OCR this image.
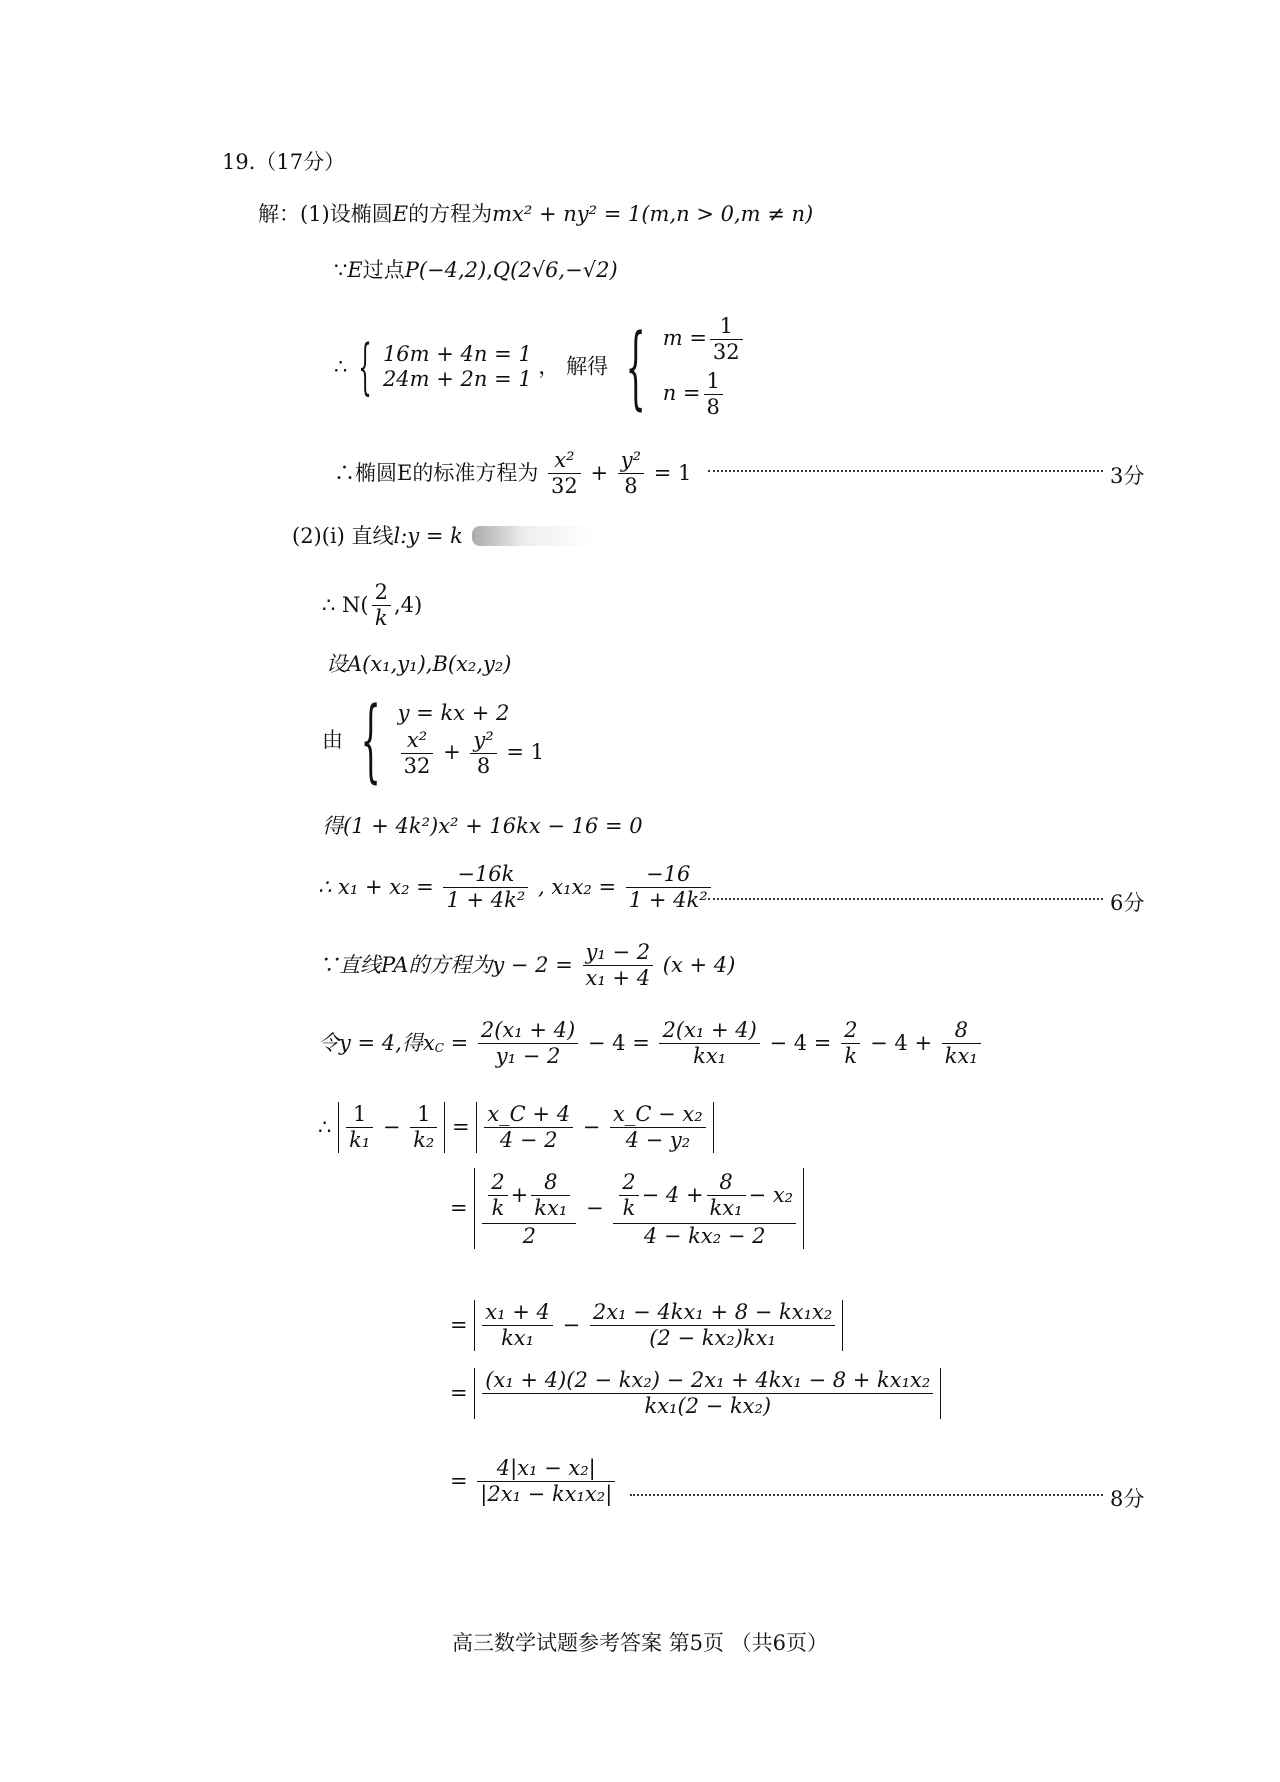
19.（17分）
解：(1)设椭圆E的方程为mx² + ny² = 1(m,n > 0,m ≠ n)
∵E过点P(−4,2),Q(2√6,−√2)
∴ { 16m + 4n = 1
24m + 2n = 1
， 解得 { $m = \frac{1}{32}$
$n = \frac{1}{8}$
∴椭圆E的标准方程为 $\frac{\text{x²}}{32} + \frac{\text{y²}}{8} = 1$	3分
(2)(i) 直线l:y = k
∴ $N( \frac{2}{k} ,4)$
设A(x₁,y₁),B(x₂,y₂)
由 { y = kx + 2
$\frac{\text{x²}}{32} + \frac{\text{y²}}{8} = 1$
得(1 + 4k²)x² + 16kx − 16 = 0
∴ $x_1 + x_2 = \frac{-16k}{\text{1 + 4k²}}$ , $x_1x_2 = \frac{-16}{\text{1 + 4k²}}$	6分
∵直线PA的方程为$y - 2 = \frac{\text{y₁ − 2}}{\text{x₁ + 4}} (x + 4)$
令y = 4,得$x_C = \frac{\text{2(x₁ + 4)}}{\text{y₁ − 2}} - 4 = \frac{\text{2(x₁ + 4)}}{\text{kx₁}} - 4 = \frac{2}{k} - 4 + \frac{8}{\text{kx₁}}$
∴ $\frac{1}{\text{k₁}} - \frac{1}{\text{k₂}} = \frac{x\_C + 4}{4 - 2} - \frac{\text{x\_C − x₂}}{\text{4 − y₂}}$
= $\frac{\frac{2}{k} + \frac{8}{\text{kx₁}}}{2} - \frac{\frac{2}{k} - 4 + \frac{8}{\text{kx₁}} - x_2}{\text{4 − kx₂ − 2}}$
= $\frac{\text{x₁ + 4}}{\text{kx₁}} - \frac{\text{2x₁ − 4kx₁ + 8 − kx₁x₂}}{\text{(2 − kx₂)kx₁}}$
= $\frac{\text{(x₁ + 4)(2 − kx₂) − 2x₁ + 4kx₁ − 8 + kx₁x₂}}{\text{kx₁(2 − kx₂)}}$
= $\frac{\text{4|x₁ − x₂|}}{\text{|2x₁ − kx₁x₂|}}$	8分
高三数学试题参考答案 第5页 （共6页）
